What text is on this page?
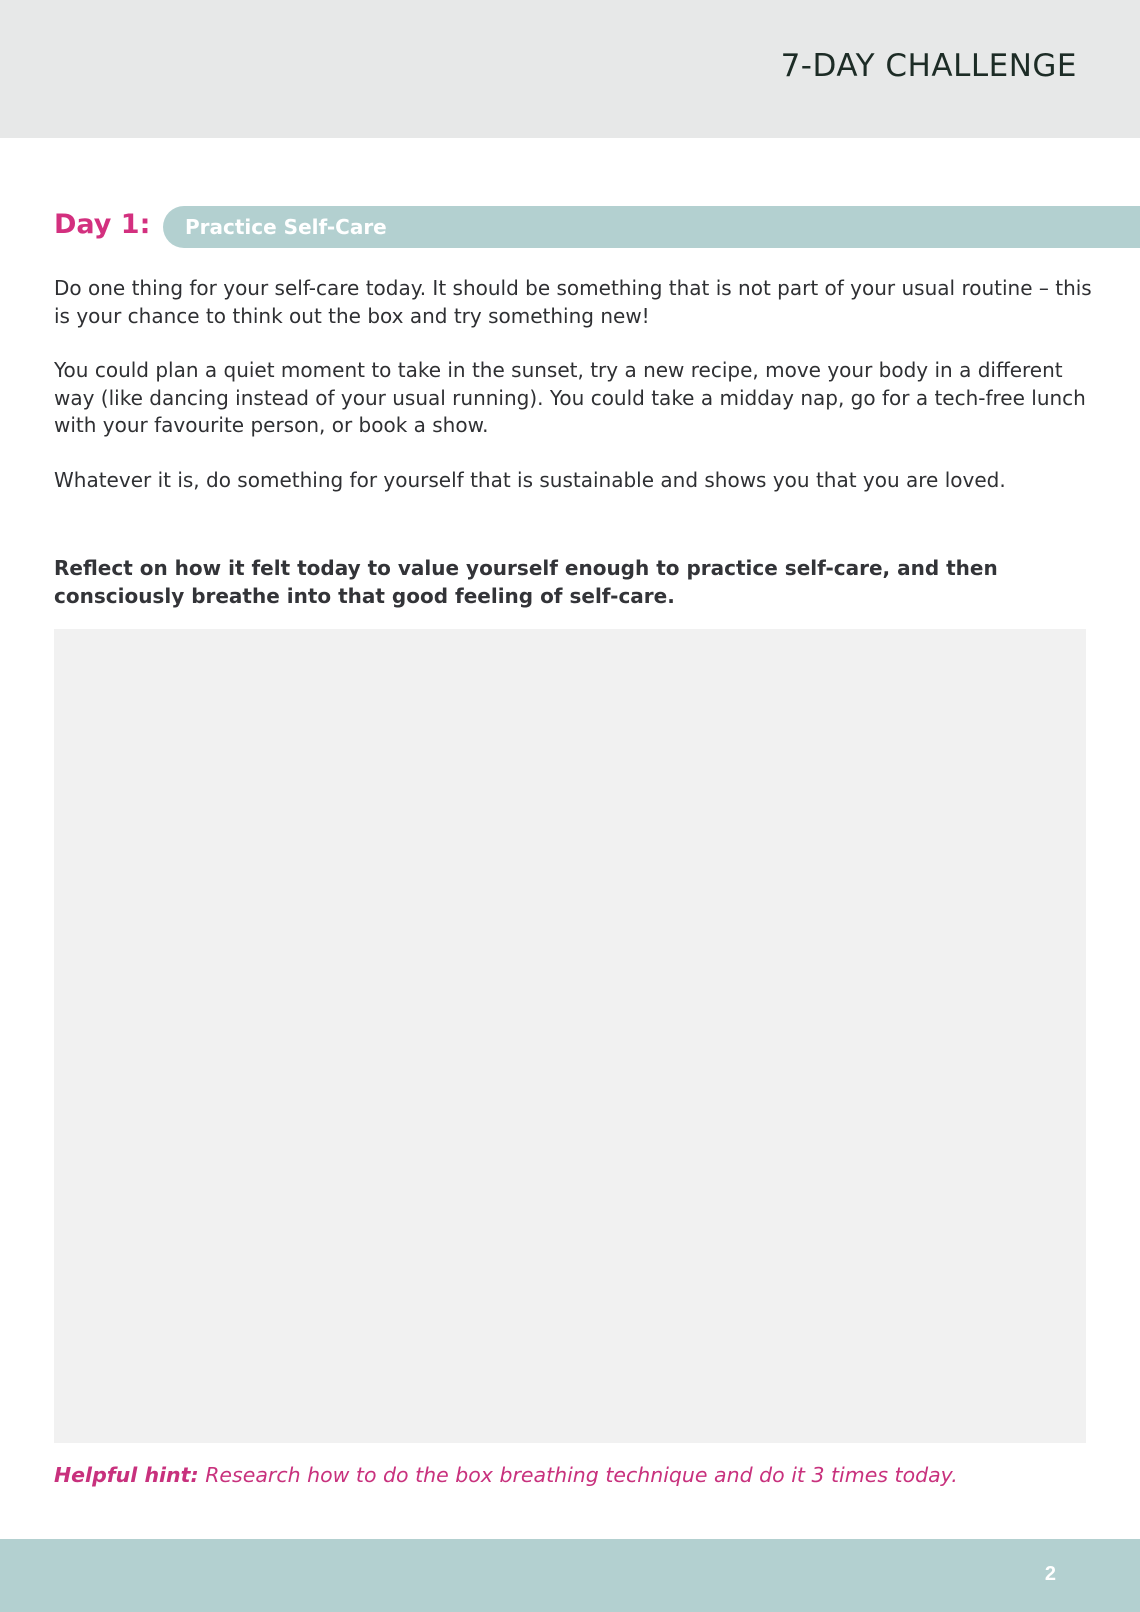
7-DAY CHALLENGE
Day 1: Practice Self-Care

Do one thing for your self-care today. It should be something that is not part of your usual routine – this is your chance to think out the box and try something new!

You could plan a quiet moment to take in the sunset, try a new recipe, move your body in a different way (like dancing instead of your usual running). You could take a midday nap, go for a tech-free lunch with your favourite person, or book a show.

Whatever it is, do something for yourself that is sustainable and shows you that you are loved.

Reflect on how it felt today to value yourself enough to practice self-care, and then consciously breathe into that good feeling of self-care.

Helpful hint: Research how to do the box breathing technique and do it 3 times today.
2
